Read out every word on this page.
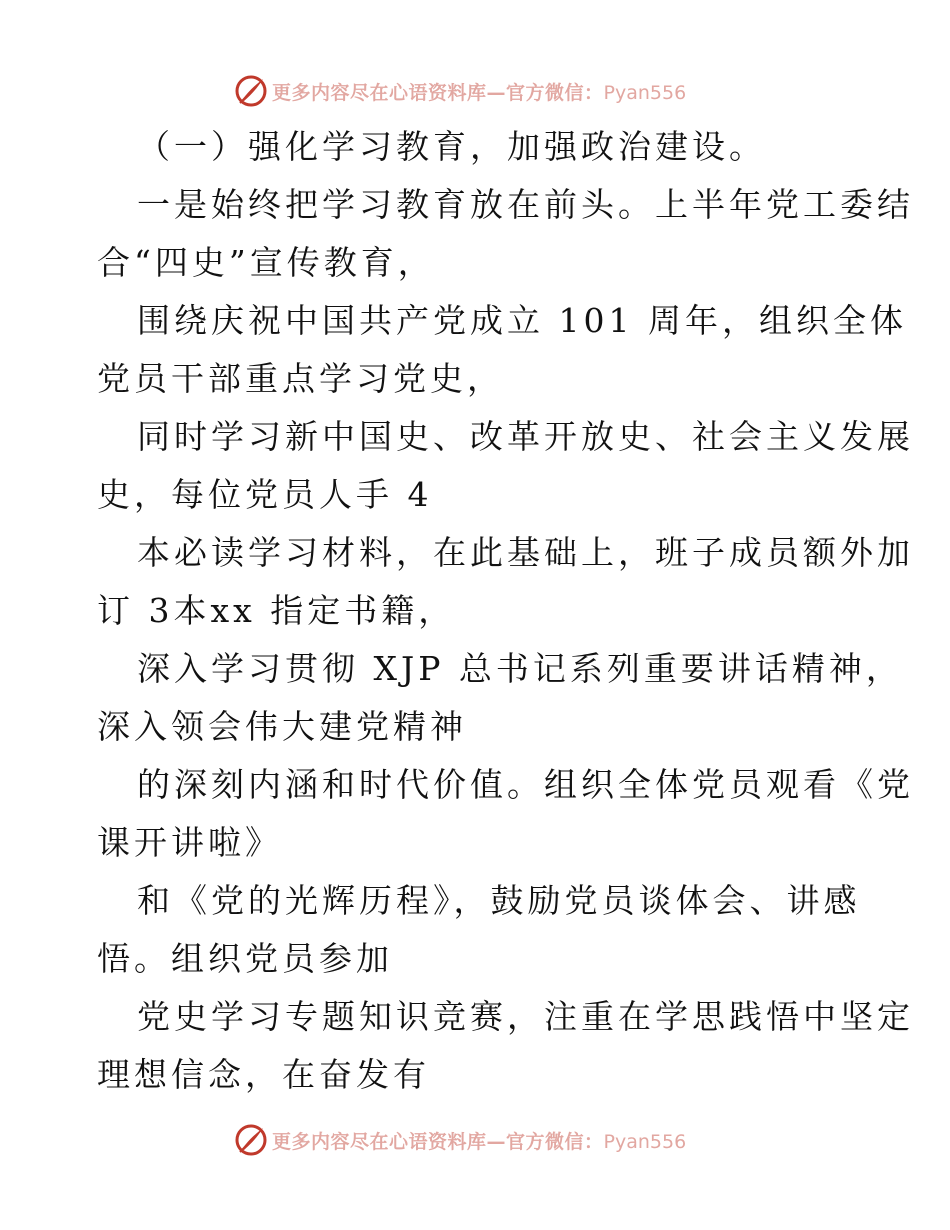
更多内容尽在心语资料库—官方微信：Pyan556
（一）强化学习教育，加强政治建设。
一是始终把学习教育放在前头。上半年党工委结
合“四史”宣传教育，
围绕庆祝中国共产党成立 101 周年，组织全体
党员干部重点学习党史，
同时学习新中国史、改革开放史、社会主义发展
史，每位党员人手 4
本必读学习材料，在此基础上，班子成员额外加
订 3本xx 指定书籍，
深入学习贯彻 XJP 总书记系列重要讲话精神，
深入领会伟大建党精神
的深刻内涵和时代价值。组织全体党员观看《党
课开讲啦》
和《党的光辉历程》，鼓励党员谈体会、讲感
悟。组织党员参加
党史学习专题知识竞赛，注重在学思践悟中坚定
理想信念，在奋发有
更多内容尽在心语资料库—官方微信：Pyan556
